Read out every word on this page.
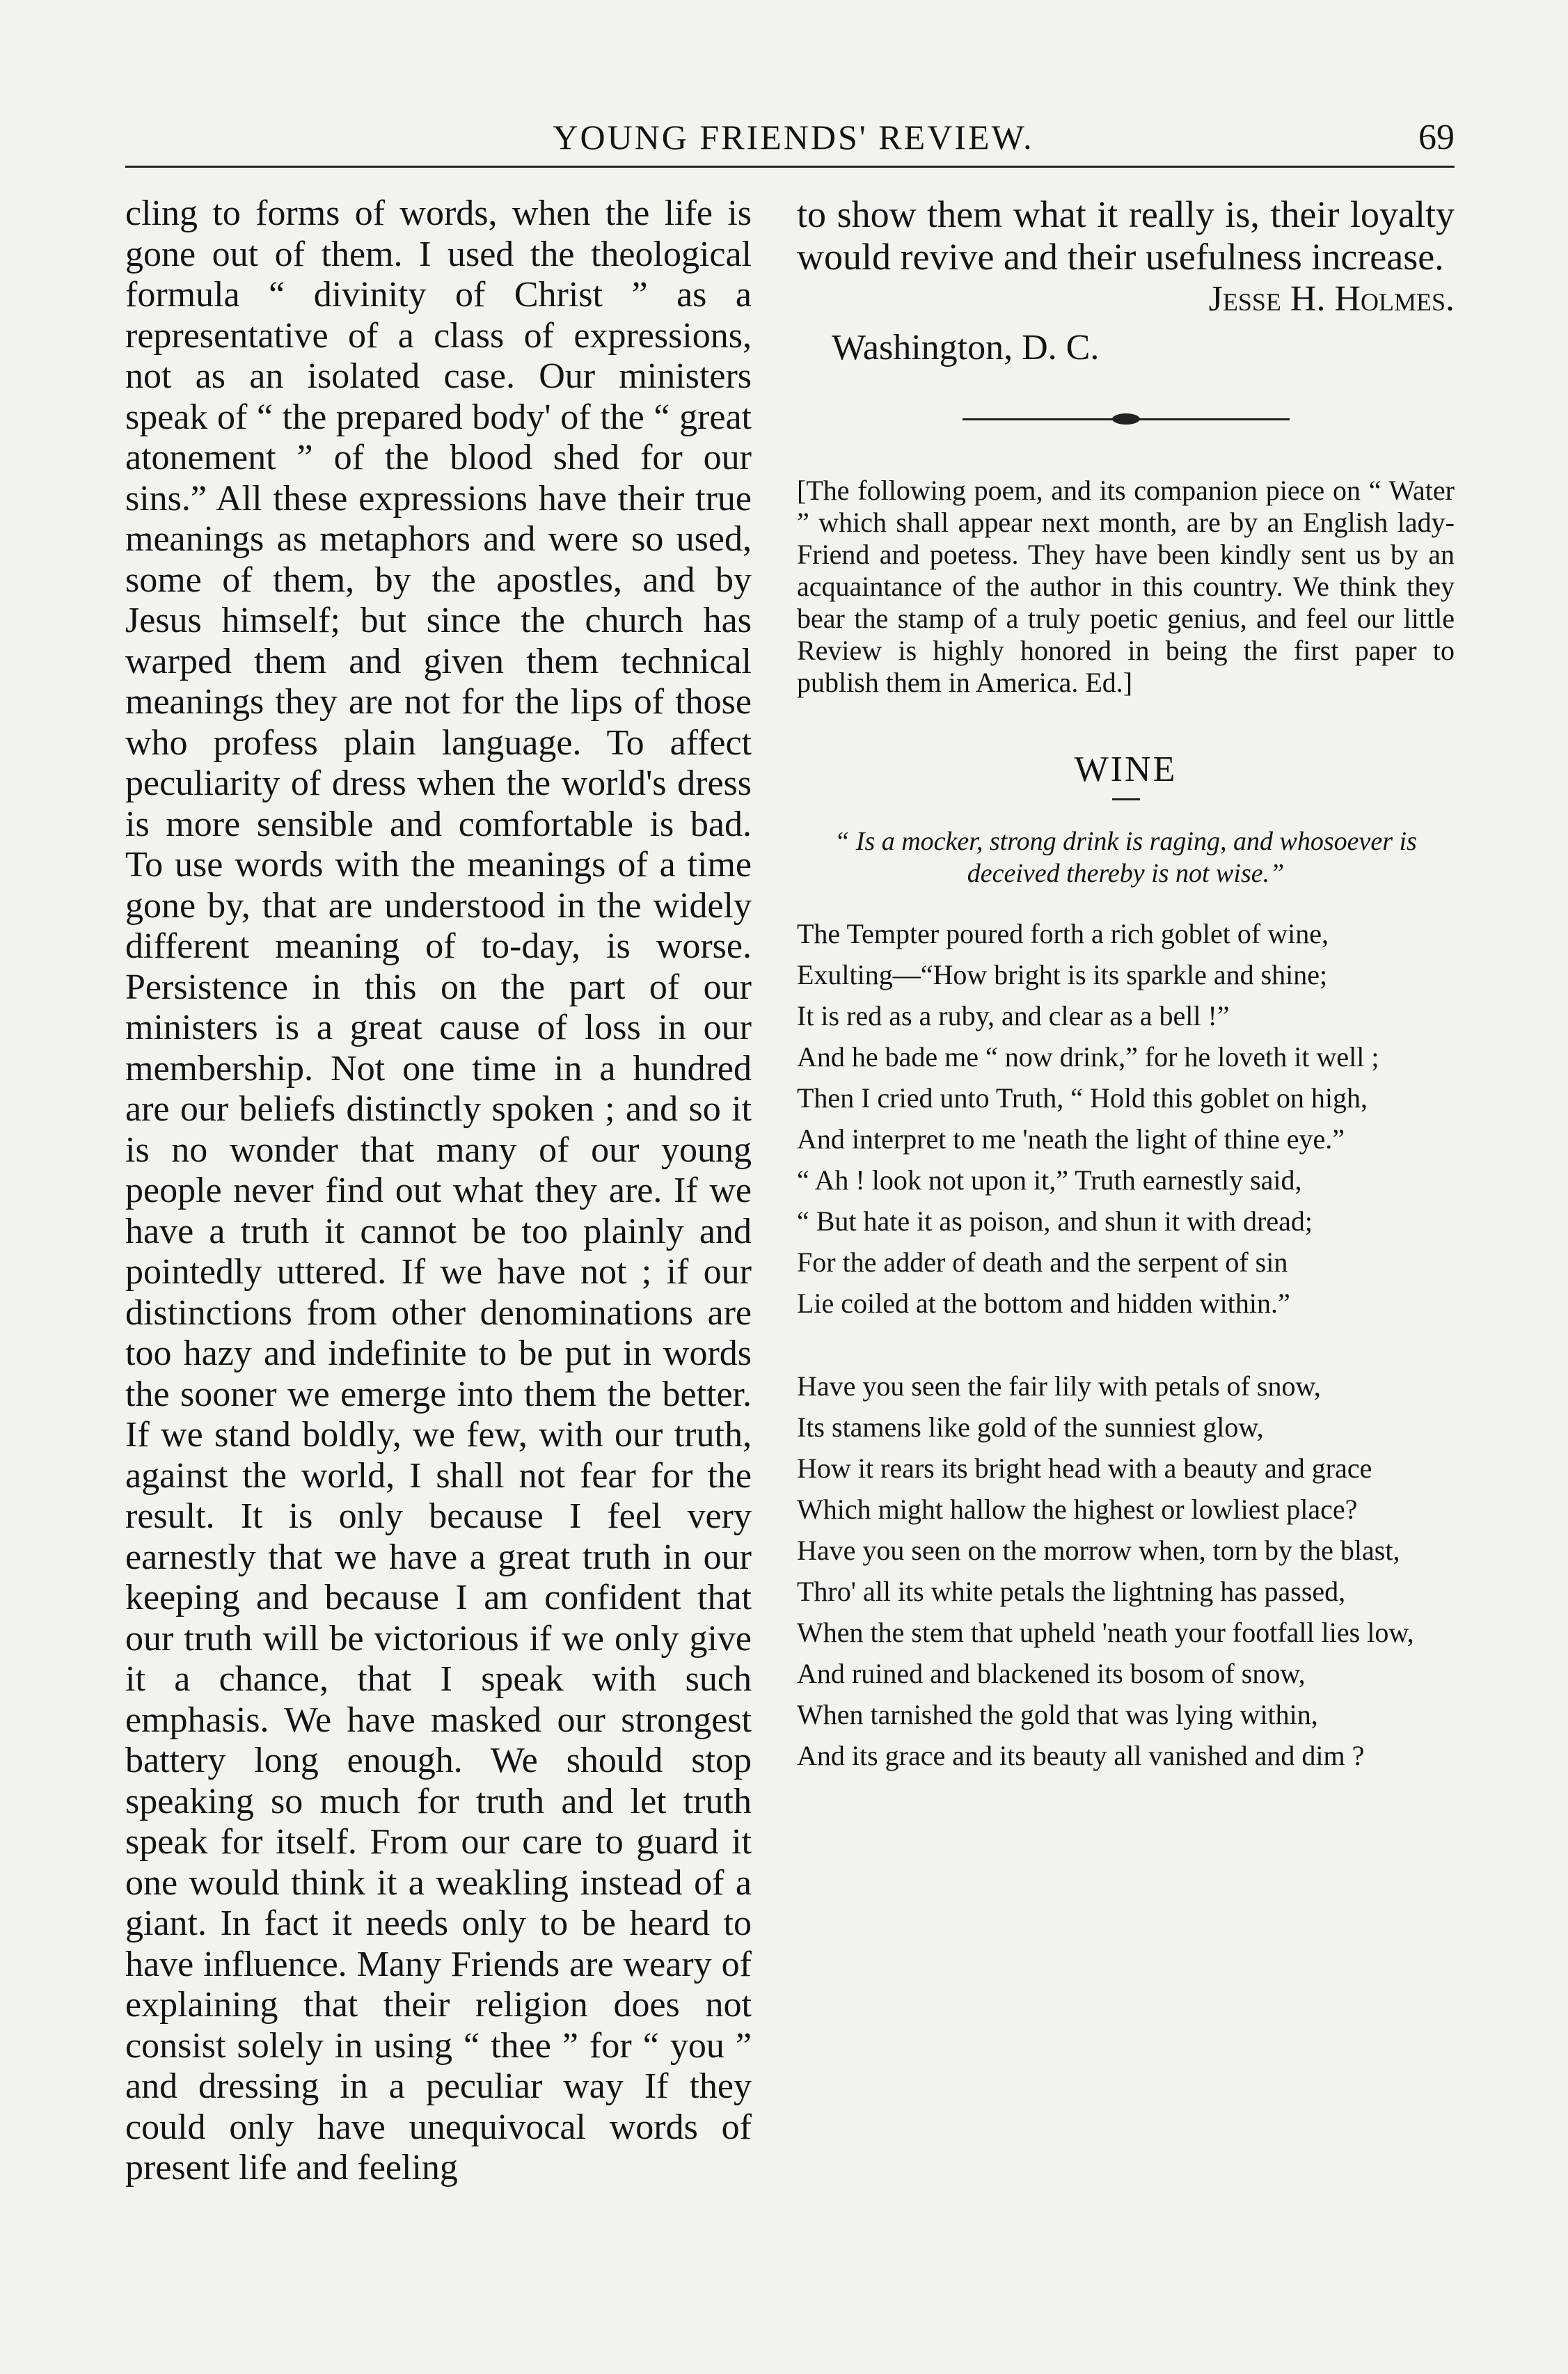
YOUNG FRIENDS' REVIEW.	69

cling to forms of words, when the life is gone out of them. I used the theological formula “ divinity of Christ ” as a representative of a class of expressions, not as an isolated case. Our ministers speak of “ the prepared body' of the “ great atonement ” of the blood shed for our sins.” All these expressions have their true meanings as metaphors and were so used, some of them, by the apostles, and by Jesus himself; but since the church has warped them and given them technical meanings they are not for the lips of those who profess plain language. To affect peculiarity of dress when the world's dress is more sensible and comfortable is bad. To use words with the meanings of a time gone by, that are understood in the widely different meaning of to-day, is worse. Persistence in this on the part of our ministers is a great cause of loss in our membership. Not one time in a hundred are our beliefs distinctly spoken ; and so it is no wonder that many of our young people never find out what they are. If we have a truth it cannot be too plainly and pointedly uttered. If we have not ; if our distinctions from other denominations are too hazy and indefinite to be put in words the sooner we emerge into them the better. If we stand boldly, we few, with our truth, against the world, I shall not fear for the result. It is only because I feel very earnestly that we have a great truth in our keeping and because I am confident that our truth will be victorious if we only give it a chance, that I speak with such emphasis. We have masked our strongest battery long enough. We should stop speaking so much for truth and let truth speak for itself. From our care to guard it one would think it a weakling instead of a giant. In fact it needs only to be heard to have influence. Many Friends are weary of explaining that their religion does not consist solely in using “ thee ” for “ you ” and dressing in a peculiar way If they could only have unequivocal words of present life and feeling

to show them what it really is, their loyalty would revive and their usefulness increase.

Jesse H. Holmes.

Washington, D. C.

[The following poem, and its companion piece on “ Water ” which shall appear next month, are by an English lady-Friend and poetess. They have been kindly sent us by an acquaintance of the author in this country. We think they bear the stamp of a truly poetic genius, and feel our little Review is highly honored in being the first paper to publish them in America. Ed.]

WINE

“ Is a mocker, strong drink is raging, and whosoever is deceived thereby is not wise.”

The Tempter poured forth a rich goblet of wine,

Exulting—“How bright is its sparkle and shine;

It is red as a ruby, and clear as a bell !”

And he bade me “ now drink,” for he loveth it well ;

Then I cried unto Truth, “ Hold this goblet on high,

And interpret to me 'neath the light of thine eye.”

“ Ah ! look not upon it,” Truth earnestly said,

“ But hate it as poison, and shun it with dread;

For the adder of death and the serpent of sin

Lie coiled at the bottom and hidden within.”

Have you seen the fair lily with petals of snow,

Its stamens like gold of the sunniest glow,

How it rears its bright head with a beauty and grace

Which might hallow the highest or lowliest place?

Have you seen on the morrow when, torn by the blast,

Thro' all its white petals the lightning has passed,

When the stem that upheld 'neath your footfall lies low,

And ruined and blackened its bosom of snow,

When tarnished the gold that was lying within,

And its grace and its beauty all vanished and dim ?
